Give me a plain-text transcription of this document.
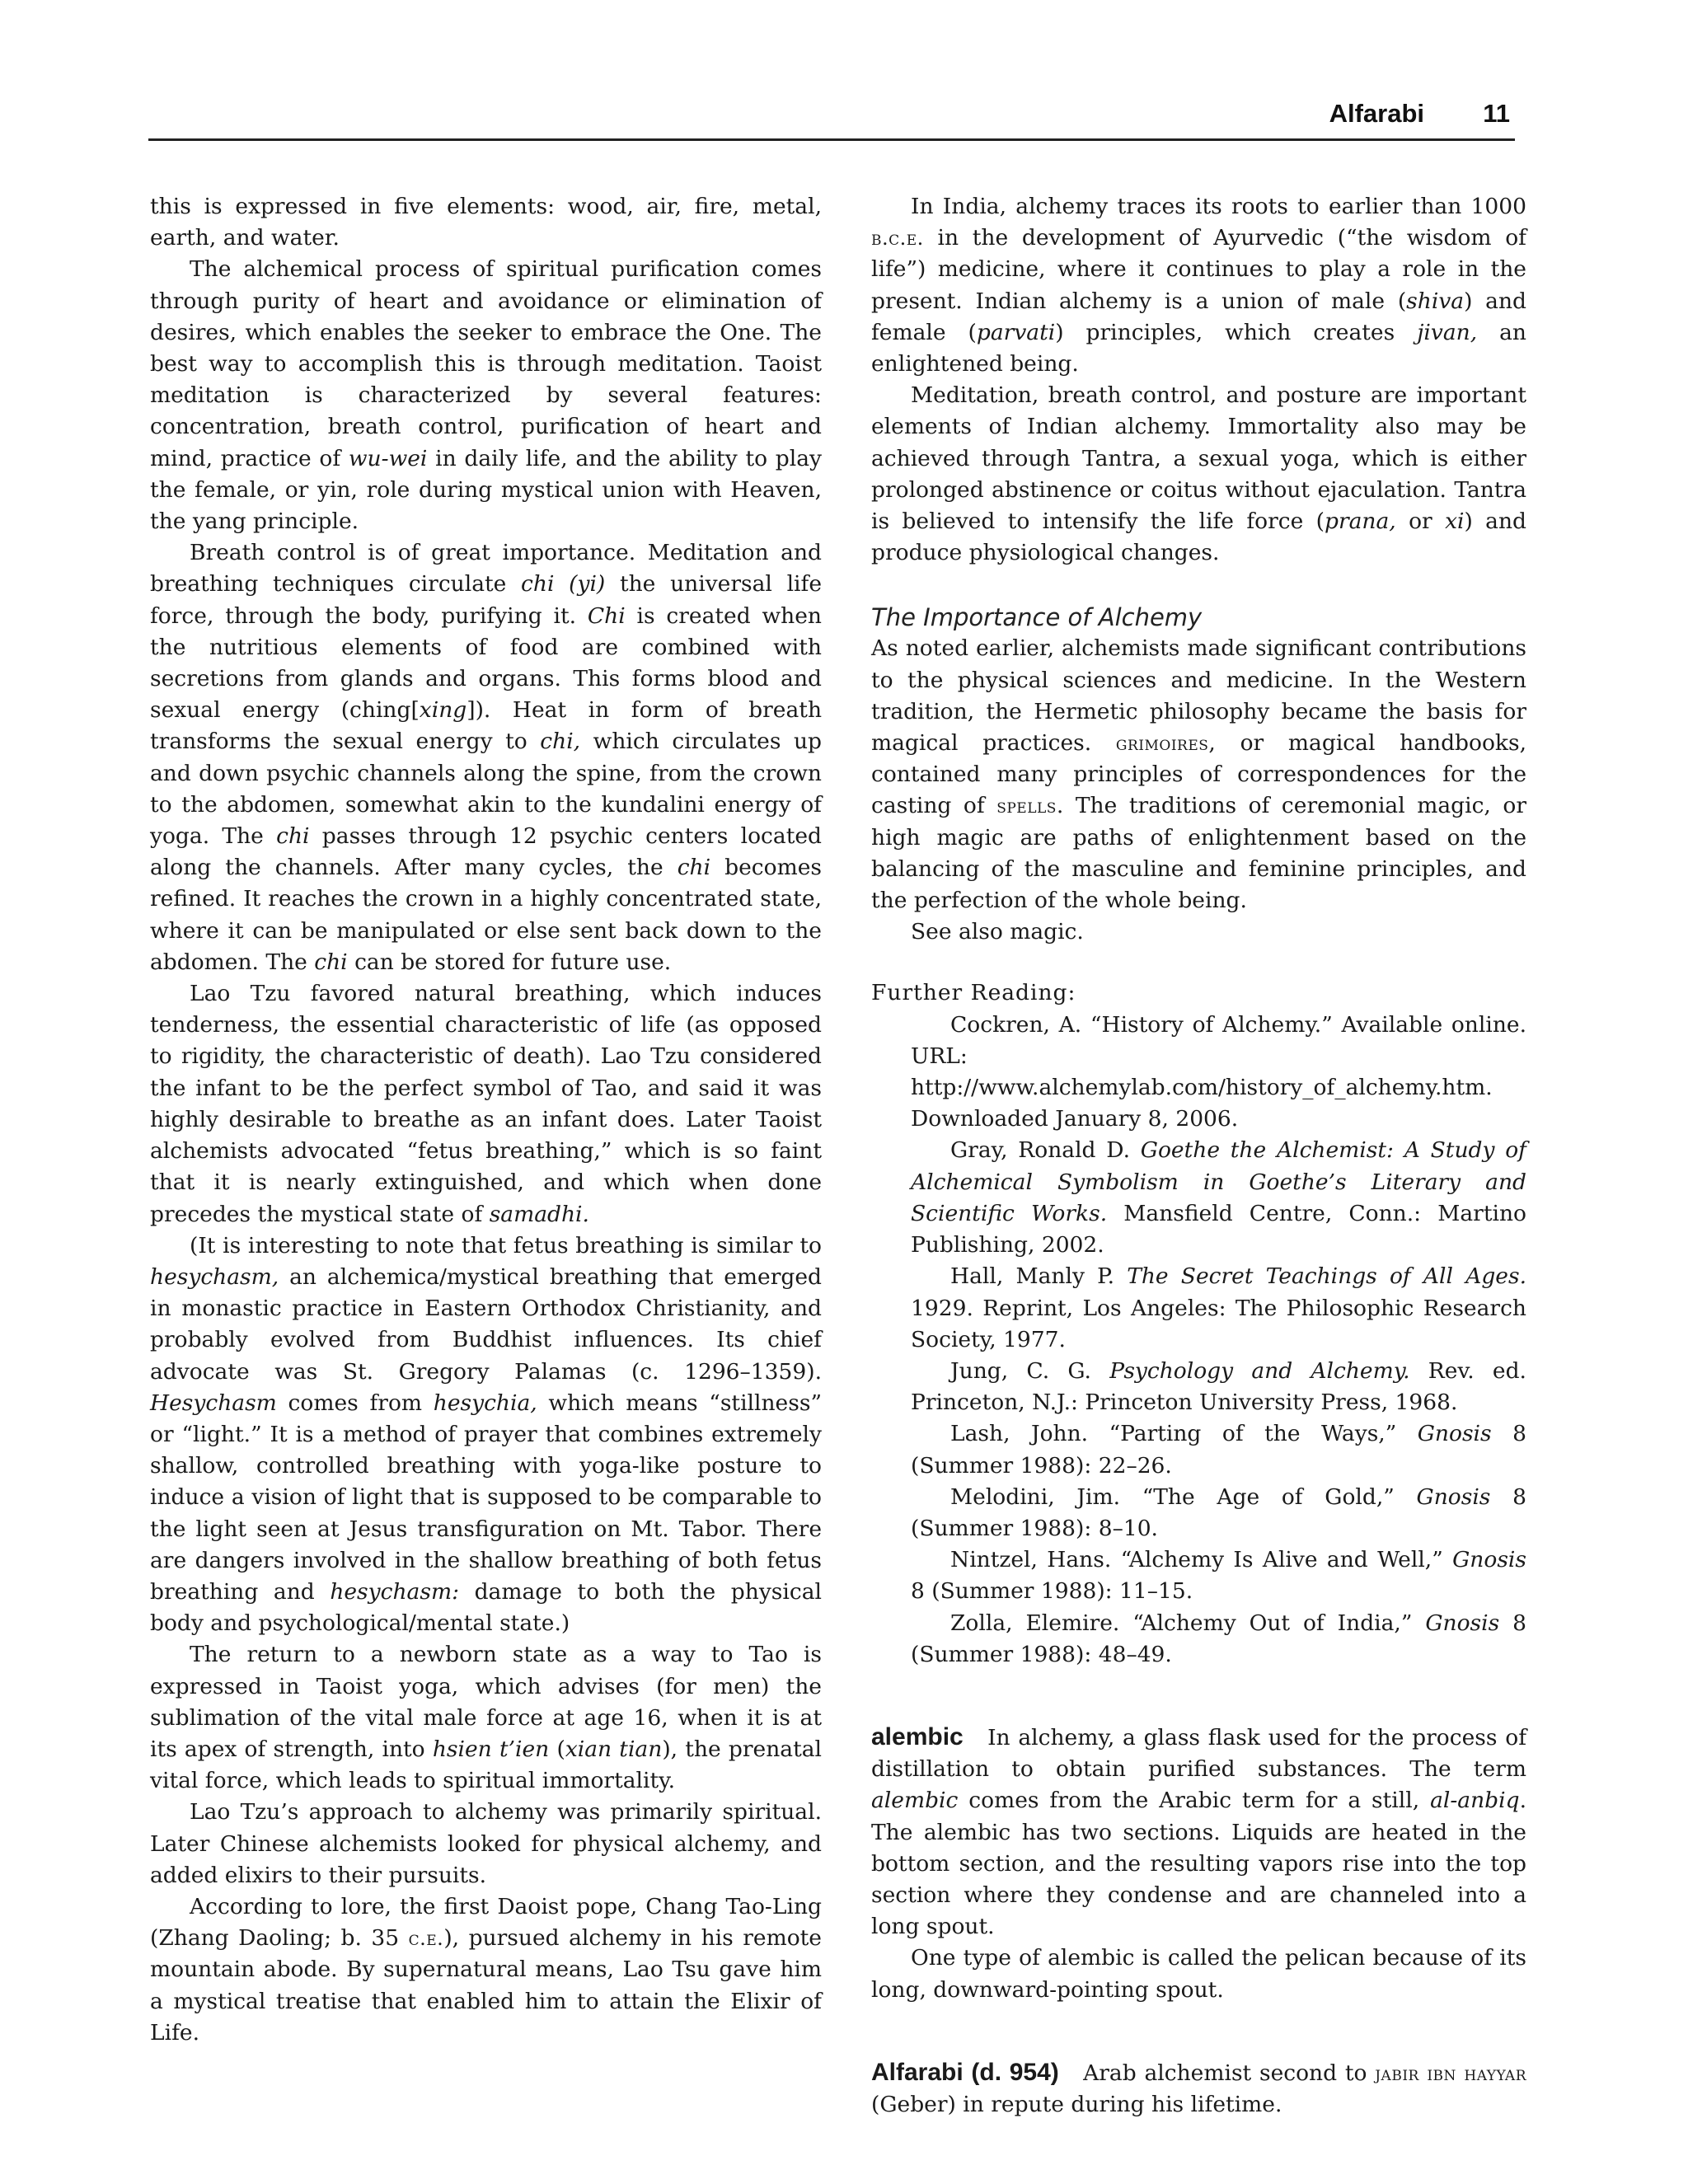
Alfarabi 11

this is expressed in five elements: wood, air, fire, metal, earth, and water.

The alchemical process of spiritual purification comes through purity of heart and avoidance or elimination of desires, which enables the seeker to embrace the One. The best way to accomplish this is through meditation. Taoist meditation is characterized by several features: concentration, breath control, purification of heart and mind, practice of wu-wei in daily life, and the ability to play the female, or yin, role during mystical union with Heaven, the yang principle.

Breath control is of great importance. Meditation and breathing techniques circulate chi (yi) the universal life force, through the body, purifying it. Chi is created when the nutritious elements of food are combined with secretions from glands and organs. This forms blood and sexual energy (ching[xing]). Heat in form of breath transforms the sexual energy to chi, which circulates up and down psychic channels along the spine, from the crown to the abdomen, somewhat akin to the kundalini energy of yoga. The chi passes through 12 psychic centers located along the channels. After many cycles, the chi becomes refined. It reaches the crown in a highly concentrated state, where it can be manipulated or else sent back down to the abdomen. The chi can be stored for future use.

Lao Tzu favored natural breathing, which induces tenderness, the essential characteristic of life (as opposed to rigidity, the characteristic of death). Lao Tzu considered the infant to be the perfect symbol of Tao, and said it was highly desirable to breathe as an infant does. Later Taoist alchemists advocated “fetus breathing,” which is so faint that it is nearly extinguished, and which when done precedes the mystical state of samadhi.

(It is interesting to note that fetus breathing is similar to hesychasm, an alchemica/mystical breathing that emerged in monastic practice in Eastern Orthodox Christianity, and probably evolved from Buddhist influences. Its chief advocate was St. Gregory Palamas (c. 1296–1359). Hesychasm comes from hesychia, which means “stillness” or “light.” It is a method of prayer that combines extremely shallow, controlled breathing with yoga-like posture to induce a vision of light that is supposed to be comparable to the light seen at Jesus transfiguration on Mt. Tabor. There are dangers involved in the shallow breathing of both fetus breathing and hesychasm: damage to both the physical body and psychological/mental state.)

The return to a newborn state as a way to Tao is expressed in Taoist yoga, which advises (for men) the sublimation of the vital male force at age 16, when it is at its apex of strength, into hsien t’ien (xian tian), the prenatal vital force, which leads to spiritual immortality.

Lao Tzu’s approach to alchemy was primarily spiritual. Later Chinese alchemists looked for physical alchemy, and added elixirs to their pursuits.

According to lore, the first Daoist pope, Chang Tao-Ling (Zhang Daoling; b. 35 c.e.), pursued alchemy in his remote mountain abode. By supernatural means, Lao Tsu gave him a mystical treatise that enabled him to attain the Elixir of Life.

In India, alchemy traces its roots to earlier than 1000 b.c.e. in the development of Ayurvedic (“the wisdom of life”) medicine, where it continues to play a role in the present. Indian alchemy is a union of male (shiva) and female (parvati) principles, which creates jivan, an enlightened being.

Meditation, breath control, and posture are important elements of Indian alchemy. Immortality also may be achieved through Tantra, a sexual yoga, which is either prolonged abstinence or coitus without ejaculation. Tantra is believed to intensify the life force (prana, or xi) and produce physiological changes.

The Importance of Alchemy

As noted earlier, alchemists made significant contributions to the physical sciences and medicine. In the Western tradition, the Hermetic philosophy became the basis for magical practices. grimoires, or magical handbooks, contained many principles of correspondences for the casting of spells. The traditions of ceremonial magic, or high magic are paths of enlightenment based on the balancing of the masculine and feminine principles, and the perfection of the whole being.

See also magic.

Further Reading:

Cockren, A. “History of Alchemy.” Available online. URL: http://www.alchemylab.com/history_of_alchemy.htm. Downloaded January 8, 2006.

Gray, Ronald D. Goethe the Alchemist: A Study of Alchemical Symbolism in Goethe’s Literary and Scientific Works. Mansfield Centre, Conn.: Martino Publishing, 2002.

Hall, Manly P. The Secret Teachings of All Ages. 1929. Reprint, Los Angeles: The Philosophic Research Society, 1977.

Jung, C. G. Psychology and Alchemy. Rev. ed. Princeton, N.J.: Princeton University Press, 1968.

Lash, John. “Parting of the Ways,” Gnosis 8 (Summer 1988): 22–26.

Melodini, Jim. “The Age of Gold,” Gnosis 8 (Summer 1988): 8–10.

Nintzel, Hans. “Alchemy Is Alive and Well,” Gnosis 8 (Summer 1988): 11–15.

Zolla, Elemire. “Alchemy Out of India,” Gnosis 8 (Summer 1988): 48–49.

alembic In alchemy, a glass flask used for the process of distillation to obtain purified substances. The term alembic comes from the Arabic term for a still, al-anbiq. The alembic has two sections. Liquids are heated in the bottom section, and the resulting vapors rise into the top section where they condense and are channeled into a long spout.

One type of alembic is called the pelican because of its long, downward-pointing spout.

Alfarabi (d. 954) Arab alchemist second to jabir ibn hayyar (Geber) in repute during his lifetime.
